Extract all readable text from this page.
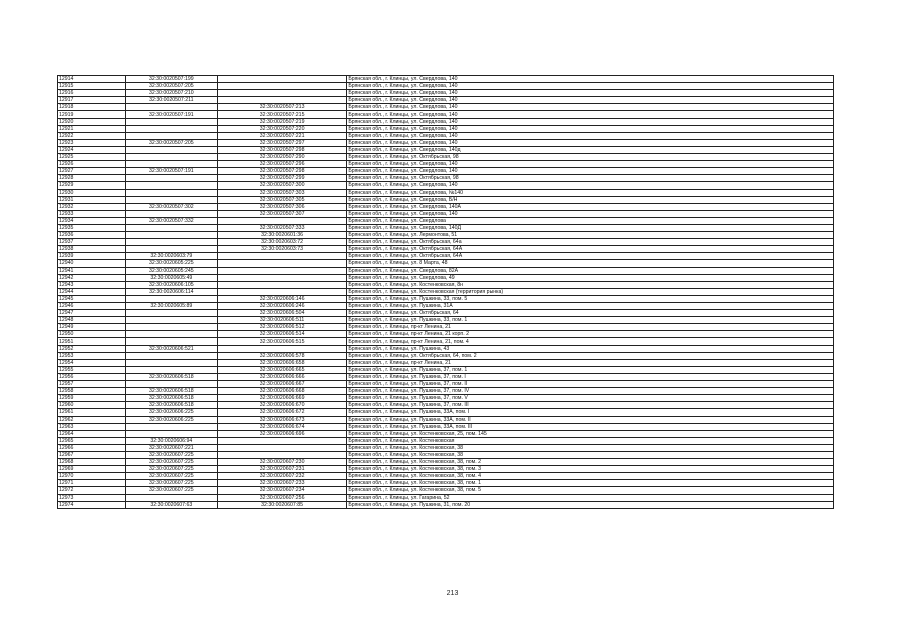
12914	32:30:0020507:199		Брянская обл., г. Клинцы, ул. Свердлова, 140
12915	32:30:0020507:205		Брянская обл., г. Клинцы, ул. Свердлова, 140
12916	32:30:0020507:210		Брянская обл., г. Клинцы, ул. Свердлова, 140
12917	32:30:0020507:211		Брянская обл., г. Клинцы, ул. Свердлова, 140
12918		32:30:0020507:213	Брянская обл., г. Клинцы, ул. Свердлова, 140
12919	32:30:0020507:191	32:30:0020507:215	Брянская обл., г. Клинцы, ул. Свердлова, 140
12920		32:30:0020507:219	Брянская обл., г. Клинцы, ул. Свердлова, 140
12921		32:30:0020507:220	Брянская обл., г. Клинцы, ул. Свердлова, 140
12922		32:30:0020507:221	Брянская обл., г. Клинцы, ул. Свердлова, 140
12923	32:30:0020507:205	32:30:0020507:297	Брянская обл., г. Клинцы, ул. Свердлова, 140
12924		32:30:0020507:298	Брянская обл., г. Клинцы, ул. Свердлова, 140д
12925		32:30:0020507:290	Брянская обл., г. Клинцы, ул. Октябрьская, 98
12926		32:30:0020507:296	Брянская обл., г. Клинцы, ул. Свердлова, 140
12927	32:30:0020507:191	32:30:0020507:298	Брянская обл., г. Клинцы, ул. Свердлова, 140
12928		32:30:0020507:299	Брянская обл., г. Клинцы, ул. Октябрьская, 98
12929		32:30:0020507:300	Брянская обл., г. Клинцы, ул. Свердлова, 140
12930		32:30:0020507:303	Брянская обл., г. Клинцы, ул. Свердлова, №140
12931		32:30:0020507:305	Брянская обл., г. Клинцы, ул. Свердлова, Б/Н
12932	32:30:0020507:302	32:30:0020507:306	Брянская обл., г. Клинцы, ул. Свердлова, 140А
12933		32:30:0020507:307	Брянская обл., г. Клинцы, ул. Свердлова, 140
12934	32:30:0020507:332		Брянская обл., г. Клинцы, ул. Свердлова
12935		32:30:0020507:333	Брянская обл., г. Клинцы, ул. Свердлова, 140Д
12936		32:30:0020601:36	Брянская обл., г. Клинцы, ул. Лермонтова, 51
12937		32:30:0020603:72	Брянская обл., г. Клинцы, ул. Октябрьская, 64а
12938		32:30:0020603:73	Брянская обл., г. Клинцы, ул. Октябрьская, 64А
12939	32:30:0020603:79		Брянская обл., г. Клинцы, ул. Октябрьская, 64А
12940	32:30:0020605:225		Брянская обл., г. Клинцы, ул. 8 Марта, 48
12941	32:30:0020605:245		Брянская обл., г. Клинцы, ул. Свердлова, 82А
12942	32:30:0020605:49		Брянская обл., г. Клинцы, ул. Свердлова, 49
12943	32:30:0020606:105		Брянская обл., г. Клинцы, ул. Костенковская, 8н
12944	32:30:0020606:114		Брянская обл., г. Клинцы, ул. Костенковская (территория рынка)
12945		32:30:0020606:146	Брянская обл., г. Клинцы, ул. Пушкина, 33, пом. 5
12946	32:30:0020605:89	32:30:0020606:246	Брянская обл., г. Клинцы, ул. Пушкина, 31А
12947		32:30:0020606:504	Брянская обл., г. Клинцы, ул. Октябрьская, 64
12948		32:30:0020606:511	Брянская обл., г. Клинцы, ул. Пушкина, 33, пом. 1
12949		32:30:0020606:512	Брянская обл., г. Клинцы, пр-кт Ленина, 21
12950		32:30:0020606:514	Брянская обл., г. Клинцы, пр-кт Ленина, 21 корп. 2
12951		32:30:0020606:515	Брянская обл., г. Клинцы, пр-кт Ленина, 21, пом. 4
12952	32:30:0020606:521		Брянская обл., г. Клинцы, ул. Пушкина, 43
12953		32:30:0020606:578	Брянская обл., г. Клинцы, ул. Октябрьская, 64, пом. 2
12954		32:30:0020606:658	Брянская обл., г. Клинцы, пр-кт Ленина, 21
12955		32:30:0020606:665	Брянская обл., г. Клинцы, ул. Пушкина, 37, пом. 1
12956	32:30:0020606:518	32:30:0020606:666	Брянская обл., г. Клинцы, ул. Пушкина, 37, пом. I
12957		32:30:0020606:667	Брянская обл., г. Клинцы, ул. Пушкина, 37, пом. II
12958	32:30:0020606:518	32:30:0020606:668	Брянская обл., г. Клинцы, ул. Пушкина, 37, пом. IV
12959	32:30:0020606:518	32:30:0020606:669	Брянская обл., г. Клинцы, ул. Пушкина, 37, пом. V
12960	32:30:0020606:518	32:30:0020606:670	Брянская обл., г. Клинцы, ул. Пушкина, 37, пом. III
12961	32:30:0020606:225	32:30:0020606:672	Брянская обл., г. Клинцы, ул. Пушкина, 33А, пом. I
12962	32:30:0020606:225	32:30:0020606:673	Брянская обл., г. Клинцы, ул. Пушкина, 33А, пом. II
12963		32:30:0020606:674	Брянская обл., г. Клинцы, ул. Пушкина, 33А, пом. III
12964		32:30:0020606:696	Брянская обл., г. Клинцы, ул. Костенковская, 25, пом. 145
12965	32:30:0020606:94		Брянская обл., г. Клинцы, ул. Костенковская
12966	32:30:0020607:221		Брянская обл., г. Клинцы, ул. Костенковская, 38
12967	32:30:0020607:225		Брянская обл., г. Клинцы, ул. Костенковская, 38
12968	32:30:0020607:225	32:30:0020607:230	Брянская обл., г. Клинцы, ул. Костенковская, 38, пом. 2
12969	32:30:0020607:225	32:30:0020607:231	Брянская обл., г. Клинцы, ул. Костенковская, 38, пом. 3
12970	32:30:0020607:225	32:30:0020607:232	Брянская обл., г. Клинцы, ул. Костенковская, 38, пом. 4
12971	32:30:0020607:225	32:30:0020607:233	Брянская обл., г. Клинцы, ул. Костенковская, 38, пом. 1
12972	32:30:0020607:225	32:30:0020607:234	Брянская обл., г. Клинцы, ул. Костенковская, 38, пом. 5
12973		32:30:0020607:256	Брянская обл., г. Клинцы, ул. Гагарина, 52
12974	32:30:0020607:63	32:30:0020607:85	Брянская обл., г. Клинцы, ул. Пушкина, 31, пом. 20
213
